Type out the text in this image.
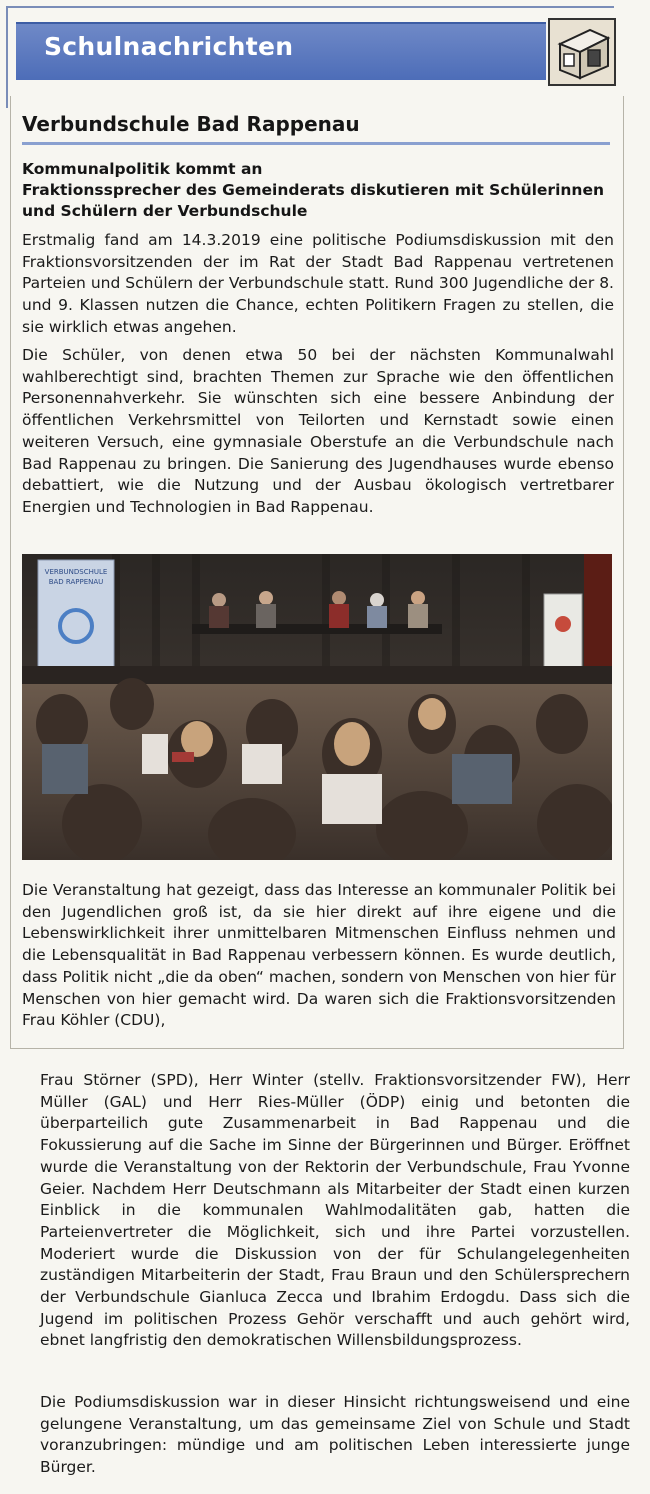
Schulnachrichten
Verbundschule Bad Rappenau
Kommunalpolitik kommt an
Fraktionssprecher des Gemeinderats diskutieren mit Schülerinnen und Schülern der Verbundschule
Erstmalig fand am 14.3.2019 eine politische Podiumsdiskussion mit den Fraktionsvorsitzenden der im Rat der Stadt Bad Rappenau vertretenen Parteien und Schülern der Verbundschule statt. Rund 300 Jugendliche der 8. und 9. Klassen nutzen die Chance, echten Politikern Fragen zu stellen, die sie wirklich etwas angehen.
Die Schüler, von denen etwa 50 bei der nächsten Kommunalwahl wahlberechtigt sind, brachten Themen zur Sprache wie den öffentlichen Personennahverkehr. Sie wünschten sich eine bessere Anbindung der öffentlichen Verkehrsmittel von Teilorten und Kernstadt sowie einen weiteren Versuch, eine gymnasiale Oberstufe an die Verbundschule nach Bad Rappenau zu bringen. Die Sanierung des Jugendhauses wurde ebenso debattiert, wie die Nutzung und der Ausbau ökologisch vertretbarer Energien und Technologien in Bad Rappenau.
VERBUNDSCHULE
BAD RAPPENAU
Die Veranstaltung hat gezeigt, dass das Interesse an kommunaler Politik bei den Jugendlichen groß ist, da sie hier direkt auf ihre eigene und die Lebenswirklichkeit ihrer unmittelbaren Mitmenschen Einfluss nehmen und die Lebensqualität in Bad Rappenau verbessern können. Es wurde deutlich, dass Politik nicht „die da oben“ machen, sondern von Menschen von hier für Menschen von hier gemacht wird. Da waren sich die Fraktionsvorsitzenden Frau Köhler (CDU),
Frau Störner (SPD), Herr Winter (stellv. Fraktionsvorsitzender FW), Herr Müller (GAL) und Herr Ries-Müller (ÖDP) einig und betonten die überparteilich gute Zusammenarbeit in Bad Rappenau und die Fokussierung auf die Sache im Sinne der Bürgerinnen und Bürger. Eröffnet wurde die Veranstaltung von der Rektorin der Verbundschule, Frau Yvonne Geier. Nachdem Herr Deutschmann als Mitarbeiter der Stadt einen kurzen Einblick in die kommunalen Wahlmodalitäten gab, hatten die Parteienvertreter die Möglichkeit, sich und ihre Partei vorzustellen. Moderiert wurde die Diskussion von der für Schulangelegenheiten zuständigen Mitarbeiterin der Stadt, Frau Braun und den Schülersprechern der Verbundschule Gianluca Zecca und Ibrahim Erdogdu. Dass sich die Jugend im politischen Prozess Gehör verschafft und auch gehört wird, ebnet langfristig den demokratischen Willensbildungsprozess.
Die Podiumsdiskussion war in dieser Hinsicht richtungsweisend und eine gelungene Veranstaltung, um das gemeinsame Ziel von Schule und Stadt voranzubringen: mündige und am politischen Leben interessierte junge Bürger.
